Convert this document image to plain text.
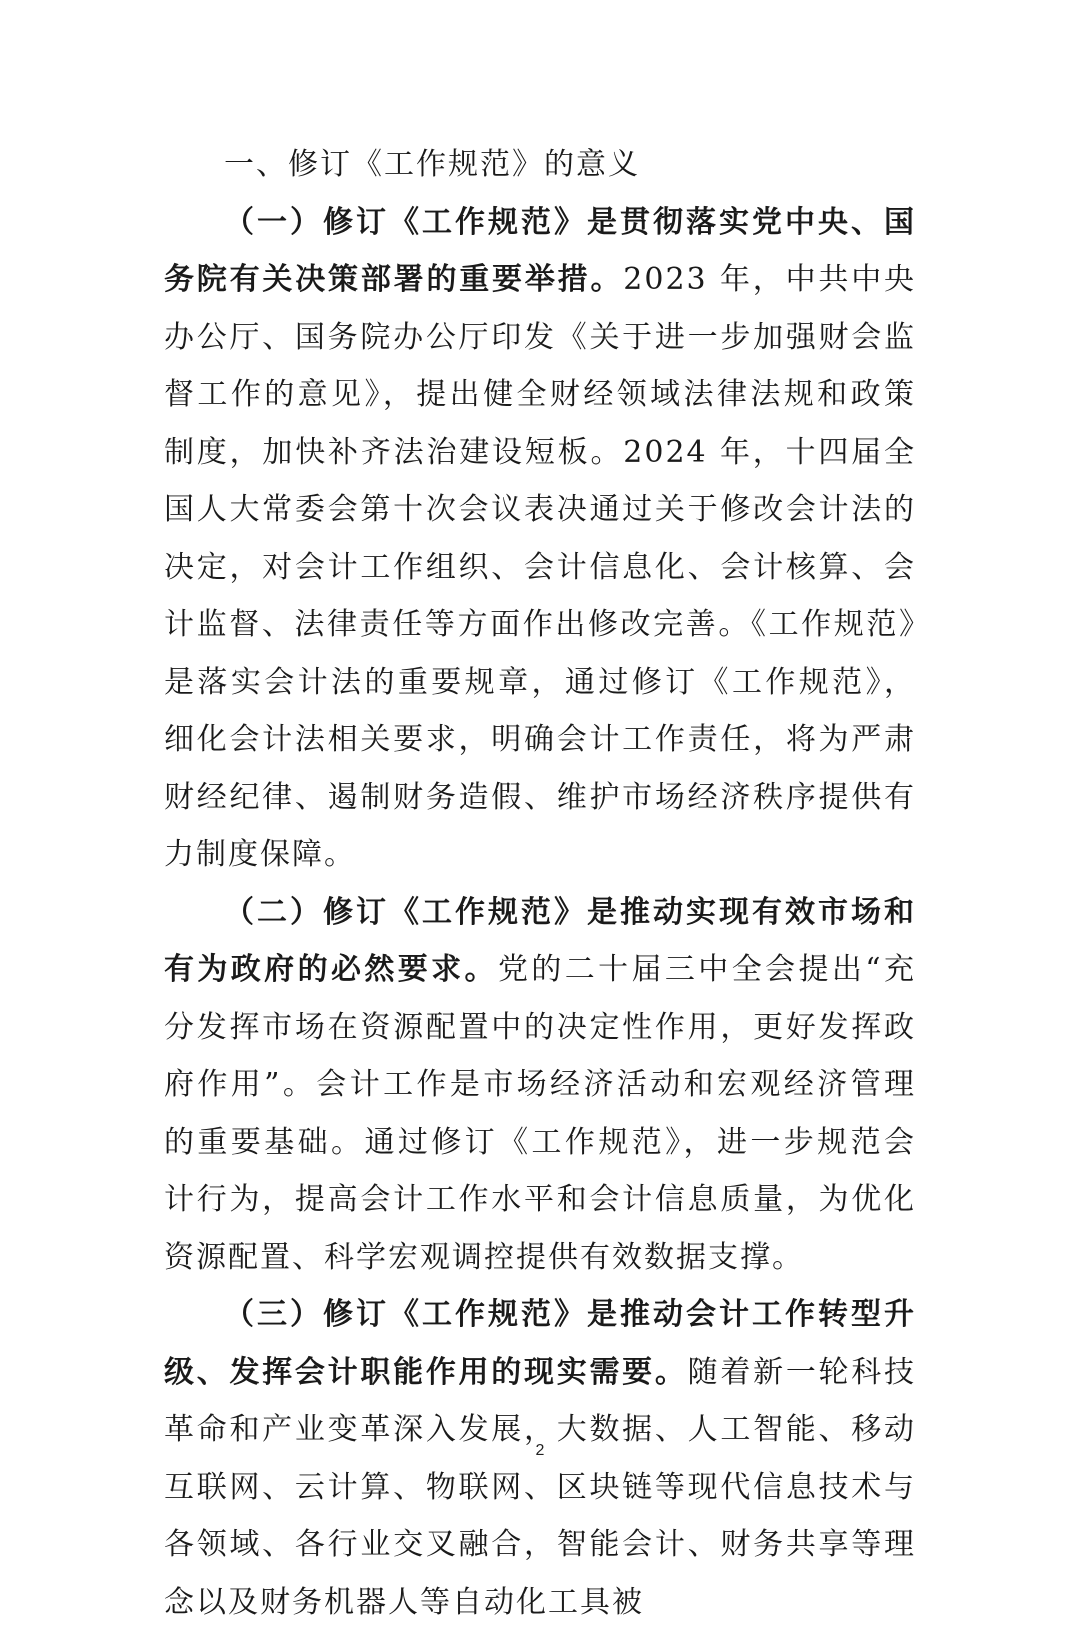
一、修订《工作规范》的意义

（一）修订《工作规范》是贯彻落实党中央、国务院有关决策部署的重要举措。2023 年，中共中央办公厅、国务院办公厅印发《关于进一步加强财会监督工作的意见》，提出健全财经领域法律法规和政策制度，加快补齐法治建设短板。2024 年，十四届全国人大常委会第十次会议表决通过关于修改会计法的决定，对会计工作组织、会计信息化、会计核算、会计监督、法律责任等方面作出修改完善。《工作规范》是落实会计法的重要规章，通过修订《工作规范》，细化会计法相关要求，明确会计工作责任，将为严肃财经纪律、遏制财务造假、维护市场经济秩序提供有力制度保障。

（二）修订《工作规范》是推动实现有效市场和有为政府的必然要求。党的二十届三中全会提出“充分发挥市场在资源配置中的决定性作用，更好发挥政府作用”。会计工作是市场经济活动和宏观经济管理的重要基础。通过修订《工作规范》，进一步规范会计行为，提高会计工作水平和会计信息质量，为优化资源配置、科学宏观调控提供有效数据支撑。

（三）修订《工作规范》是推动会计工作转型升级、发挥会计职能作用的现实需要。随着新一轮科技革命和产业变革深入发展，大数据、人工智能、移动互联网、云计算、物联网、区块链等现代信息技术与各领域、各行业交叉融合，智能会计、财务共享等理念以及财务机器人等自动化工具被

2
